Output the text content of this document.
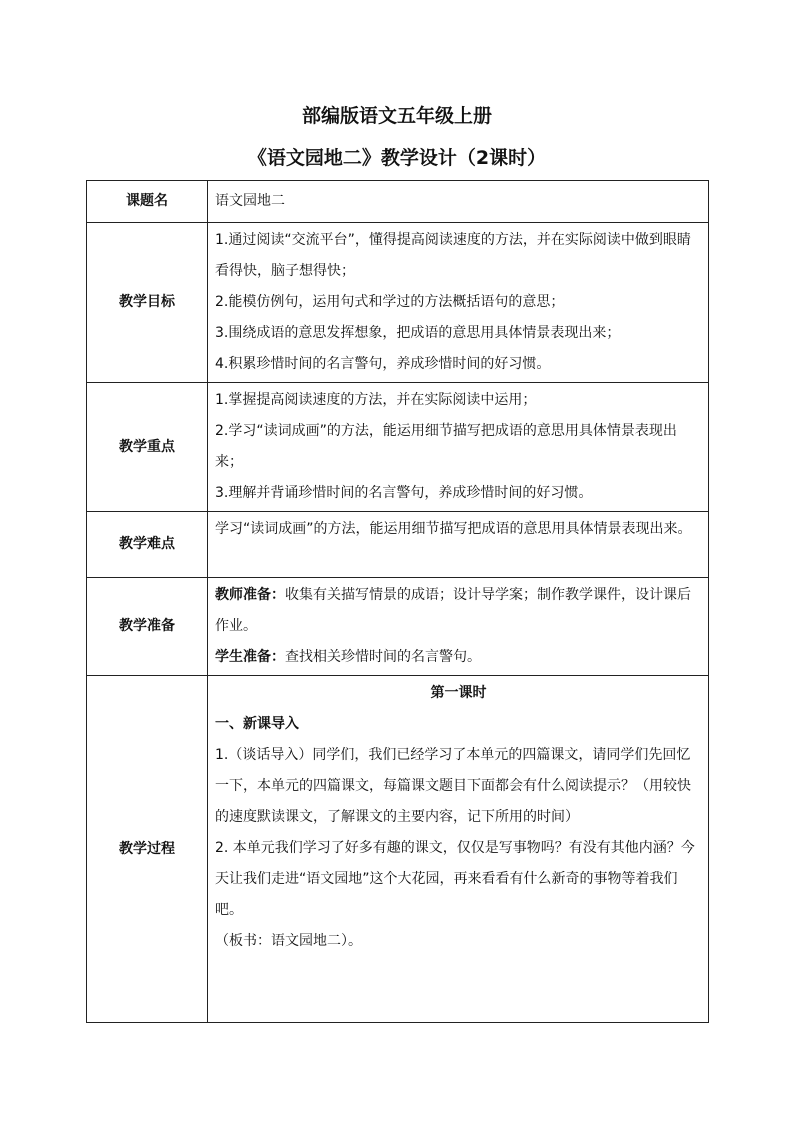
部编版语文五年级上册
《语文园地二》教学设计（2课时）
课题名	语文园地二

教学目标	1.通过阅读“交流平台”，懂得提高阅读速度的方法，并在实际阅读中做到眼睛看得快，脑子想得快；

2.能模仿例句，运用句式和学过的方法概括语句的意思；

3.围绕成语的意思发挥想象，把成语的意思用具体情景表现出来；

4.积累珍惜时间的名言警句，养成珍惜时间的好习惯。

教学重点	1.掌握提高阅读速度的方法，并在实际阅读中运用；

2.学习“读词成画”的方法，能运用细节描写把成语的意思用具体情景表现出来；

3.理解并背诵珍惜时间的名言警句，养成珍惜时间的好习惯。

教学难点	学习“读词成画”的方法，能运用细节描写把成语的意思用具体情景表现出来。

教学准备	教师准备：收集有关描写情景的成语；设计导学案；制作教学课件，设计课后作业。

学生准备：查找相关珍惜时间的名言警句。

教学过程	第一课时

一、新课导入

1.（谈话导入）同学们，我们已经学习了本单元的四篇课文，请同学们先回忆一下，本单元的四篇课文，每篇课文题目下面都会有什么阅读提示？（用较快的速度默读课文，了解课文的主要内容，记下所用的时间）

2. 本单元我们学习了好多有趣的课文，仅仅是写事物吗？有没有其他内涵？今天让我们走进“语文园地”这个大花园，再来看看有什么新奇的事物等着我们吧。

（板书：语文园地二）。
